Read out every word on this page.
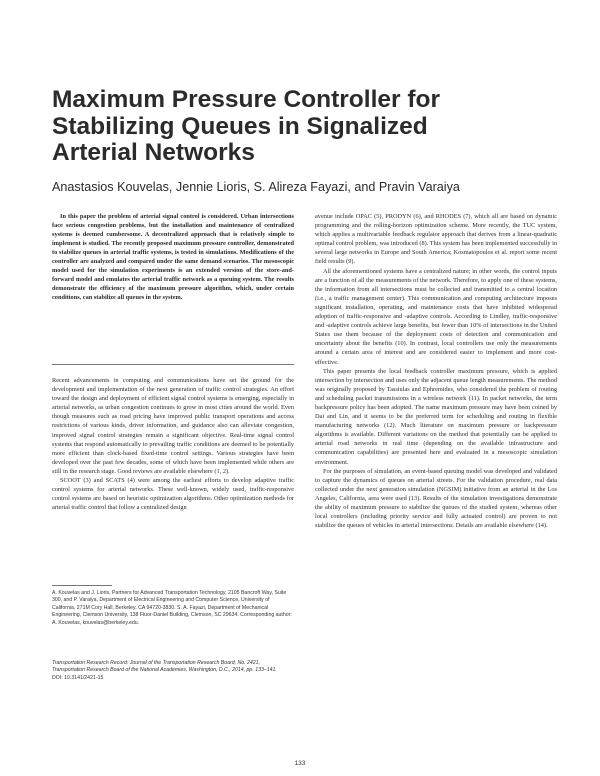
Maximum Pressure Controller for
Stabilizing Queues in Signalized
Arterial Networks

Anastasios Kouvelas, Jennie Lioris, S. Alireza Fayazi, and Pravin Varaiya

In this paper the problem of arterial signal control is considered. Urban intersections face serious congestion problems, but the installation and maintenance of centralized systems is deemed cumbersome. A decentralized approach that is relatively simple to implement is studied. The recently proposed maximum pressure controller, demonstrated to stabilize queues in arterial traffic systems, is tested in simulations. Modifications of the controller are analyzed and compared under the same demand scenarios. The mesoscopic model used for the simulation experiments is an extended version of the store-and-forward model and emulates the arterial traffic network as a queuing system. The results demonstrate the efficiency of the maximum pressure algorithm, which, under certain conditions, can stabilize all queues in the system.

Recent advancements in computing and communications have set the ground for the development and implementation of the next generation of traffic control strategies. An effort toward the design and deployment of efficient signal control systems is emerging, especially in arterial networks, as urban congestion continues to grow in most cities around the world. Even though measures such as road pricing have improved public transport operations and access restrictions of various kinds, driver information, and guidance also can alleviate congestion, improved signal control strategies remain a significant objective. Real-time signal control systems that respond automatically to prevailing traffic conditions are deemed to be potentially more efficient than clock-based fixed-time control settings. Various strategies have been developed over the past few decades, some of which have been implemented while others are still in the research stage. Good reviews are available elsewhere (1, 2).

SCOOT (3) and SCATS (4) were among the earliest efforts to develop adaptive traffic control systems for arterial networks. These well-known, widely used, traffic-responsive control systems are based on heuristic optimization algorithms. Other optimization methods for arterial traffic control that follow a centralized design

A. Kouvelas and J. Lioris, Partners for Advanced Transportation Technology, 2105 Bancroft Way, Suite 300, and P. Varaiya, Department of Electrical Engineering and Computer Science, University of California, 271M Cory Hall, Berkeley, CA 94720-3830. S. A. Fayazi, Department of Mechanical Engineering, Clemson University, 138 Fluor-Daniel Building, Clemson, SC 29634. Corresponding author: A. Kouvelas, kouvelas@berkeley.edu.

Transportation Research Record: Journal of the Transportation Research Board, No. 2421, Transportation Research Board of the National Academies, Washington, D.C., 2014, pp. 133–141.

DOI: 10.3141/2421-15

avenue include OPAC (5), PRODYN (6), and RHODES (7), which all are based on dynamic programming and the rolling-horizon optimization scheme. More recently, the TUC system, which applies a multivariable feedback regulator approach that derives from a linear-quadratic optimal control problem, was introduced (8). This system has been implemented successfully in several large networks in Europe and South America; Kosmatopoulos et al. report some recent field results (9).

All the aforementioned systems have a centralized nature; in other words, the control inputs are a function of all the measurements of the network. Therefore, to apply one of these systems, the information from all intersections must be collected and transmitted to a central location (i.e., a traffic management center). This communication and computing architecture imposes significant installation, operating, and maintenance costs that have inhibited widespread adoption of traffic-responsive and -adaptive controls. According to Lindley, traffic-responsive and -adaptive controls achieve large benefits, but fewer than 10% of intersections in the United States use them because of the deployment costs of detection and communication and uncertainty about the benefits (10). In contrast, local controllers use only the measurements around a certain area of interest and are considered easier to implement and more cost-effective.

This paper presents the local feedback controller maximum pressure, which is applied intersection by intersection and uses only the adjacent queue length measurements. The method was originally proposed by Tassiulas and Ephremides, who considered the problem of routing and scheduling packet transmissions in a wireless network (11). In packet networks, the term backpressure policy has been adopted. The name maximum pressure may have been coined by Dai and Lin, and it seems to be the preferred term for scheduling and routing in flexible manufacturing networks (12). Much literature on maximum pressure or backpressure algorithms is available. Different variations on the method that potentially can be applied to arterial road networks in real time (depending on the available infrastructure and communication capabilities) are presented here and evaluated in a mesoscopic simulation environment.

For the purposes of simulation, an event-based queuing model was developed and validated to capture the dynamics of queues on arterial streets. For the validation procedure, real data collected under the next generation simulation (NGSIM) initiative from an arterial in the Los Angeles, California, area were used (13). Results of the simulation investigations demonstrate the ability of maximum pressure to stabilize the queues of the studied system, whereas other local controllers (including priority service and fully actuated control) are proven to not stabilize the queues of vehicles in arterial intersections. Details are available elsewhere (14).

133
